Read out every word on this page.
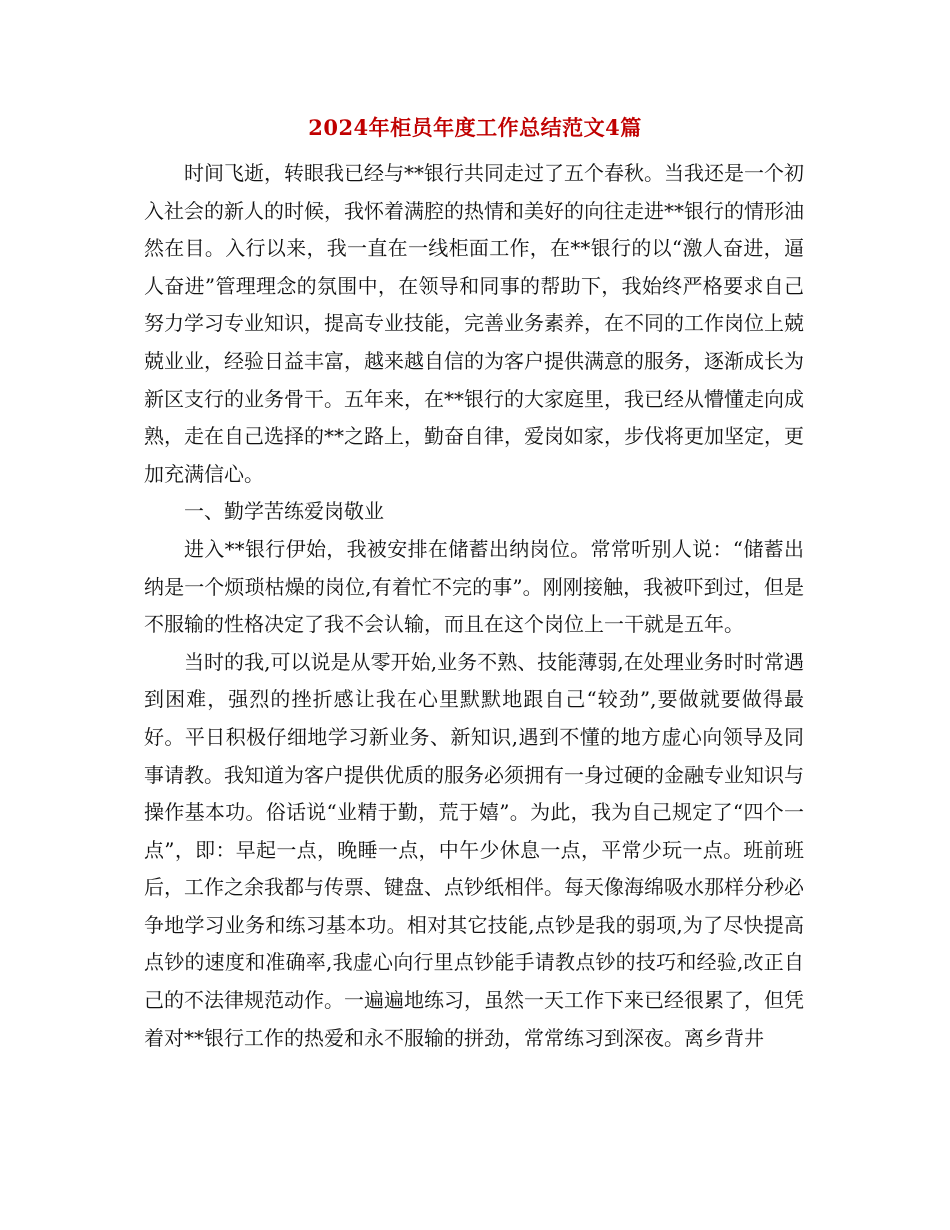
2024年柜员年度工作总结范文4篇

时间飞逝，转眼我已经与**银行共同走过了五个春秋。当我还是一个初入社会的新人的时候，我怀着满腔的热情和美好的向往走进**银行的情形油然在目。入行以来，我一直在一线柜面工作，在**银行的以“激人奋进，逼人奋进”管理理念的氛围中，在领导和同事的帮助下，我始终严格要求自己努力学习专业知识，提高专业技能，完善业务素养，在不同的工作岗位上兢兢业业，经验日益丰富，越来越自信的为客户提供满意的服务，逐渐成长为新区支行的业务骨干。五年来，在**银行的大家庭里，我已经从懵懂走向成熟，走在自己选择的**之路上，勤奋自律，爱岗如家，步伐将更加坚定，更加充满信心。

一、勤学苦练爱岗敬业

进入**银行伊始，我被安排在储蓄出纳岗位。常常听别人说：“储蓄出纳是一个烦琐枯燥的岗位,有着忙不完的事”。刚刚接触，我被吓到过，但是不服输的性格决定了我不会认输，而且在这个岗位上一干就是五年。

当时的我,可以说是从零开始,业务不熟、技能薄弱,在处理业务时时常遇到困难，强烈的挫折感让我在心里默默地跟自己“较劲”,要做就要做得最好。平日积极仔细地学习新业务、新知识,遇到不懂的地方虚心向领导及同事请教。我知道为客户提供优质的服务必须拥有一身过硬的金融专业知识与操作基本功。俗话说“业精于勤，荒于嬉”。为此，我为自己规定了“四个一点”，即：早起一点，晚睡一点，中午少休息一点，平常少玩一点。班前班后，工作之余我都与传票、键盘、点钞纸相伴。每天像海绵吸水那样分秒必争地学习业务和练习基本功。相对其它技能,点钞是我的弱项,为了尽快提高点钞的速度和准确率,我虚心向行里点钞能手请教点钞的技巧和经验,改正自己的不法律规范动作。一遍遍地练习，虽然一天工作下来已经很累了，但凭着对**银行工作的热爱和永不服输的拼劲，常常练习到深夜。离乡背井
